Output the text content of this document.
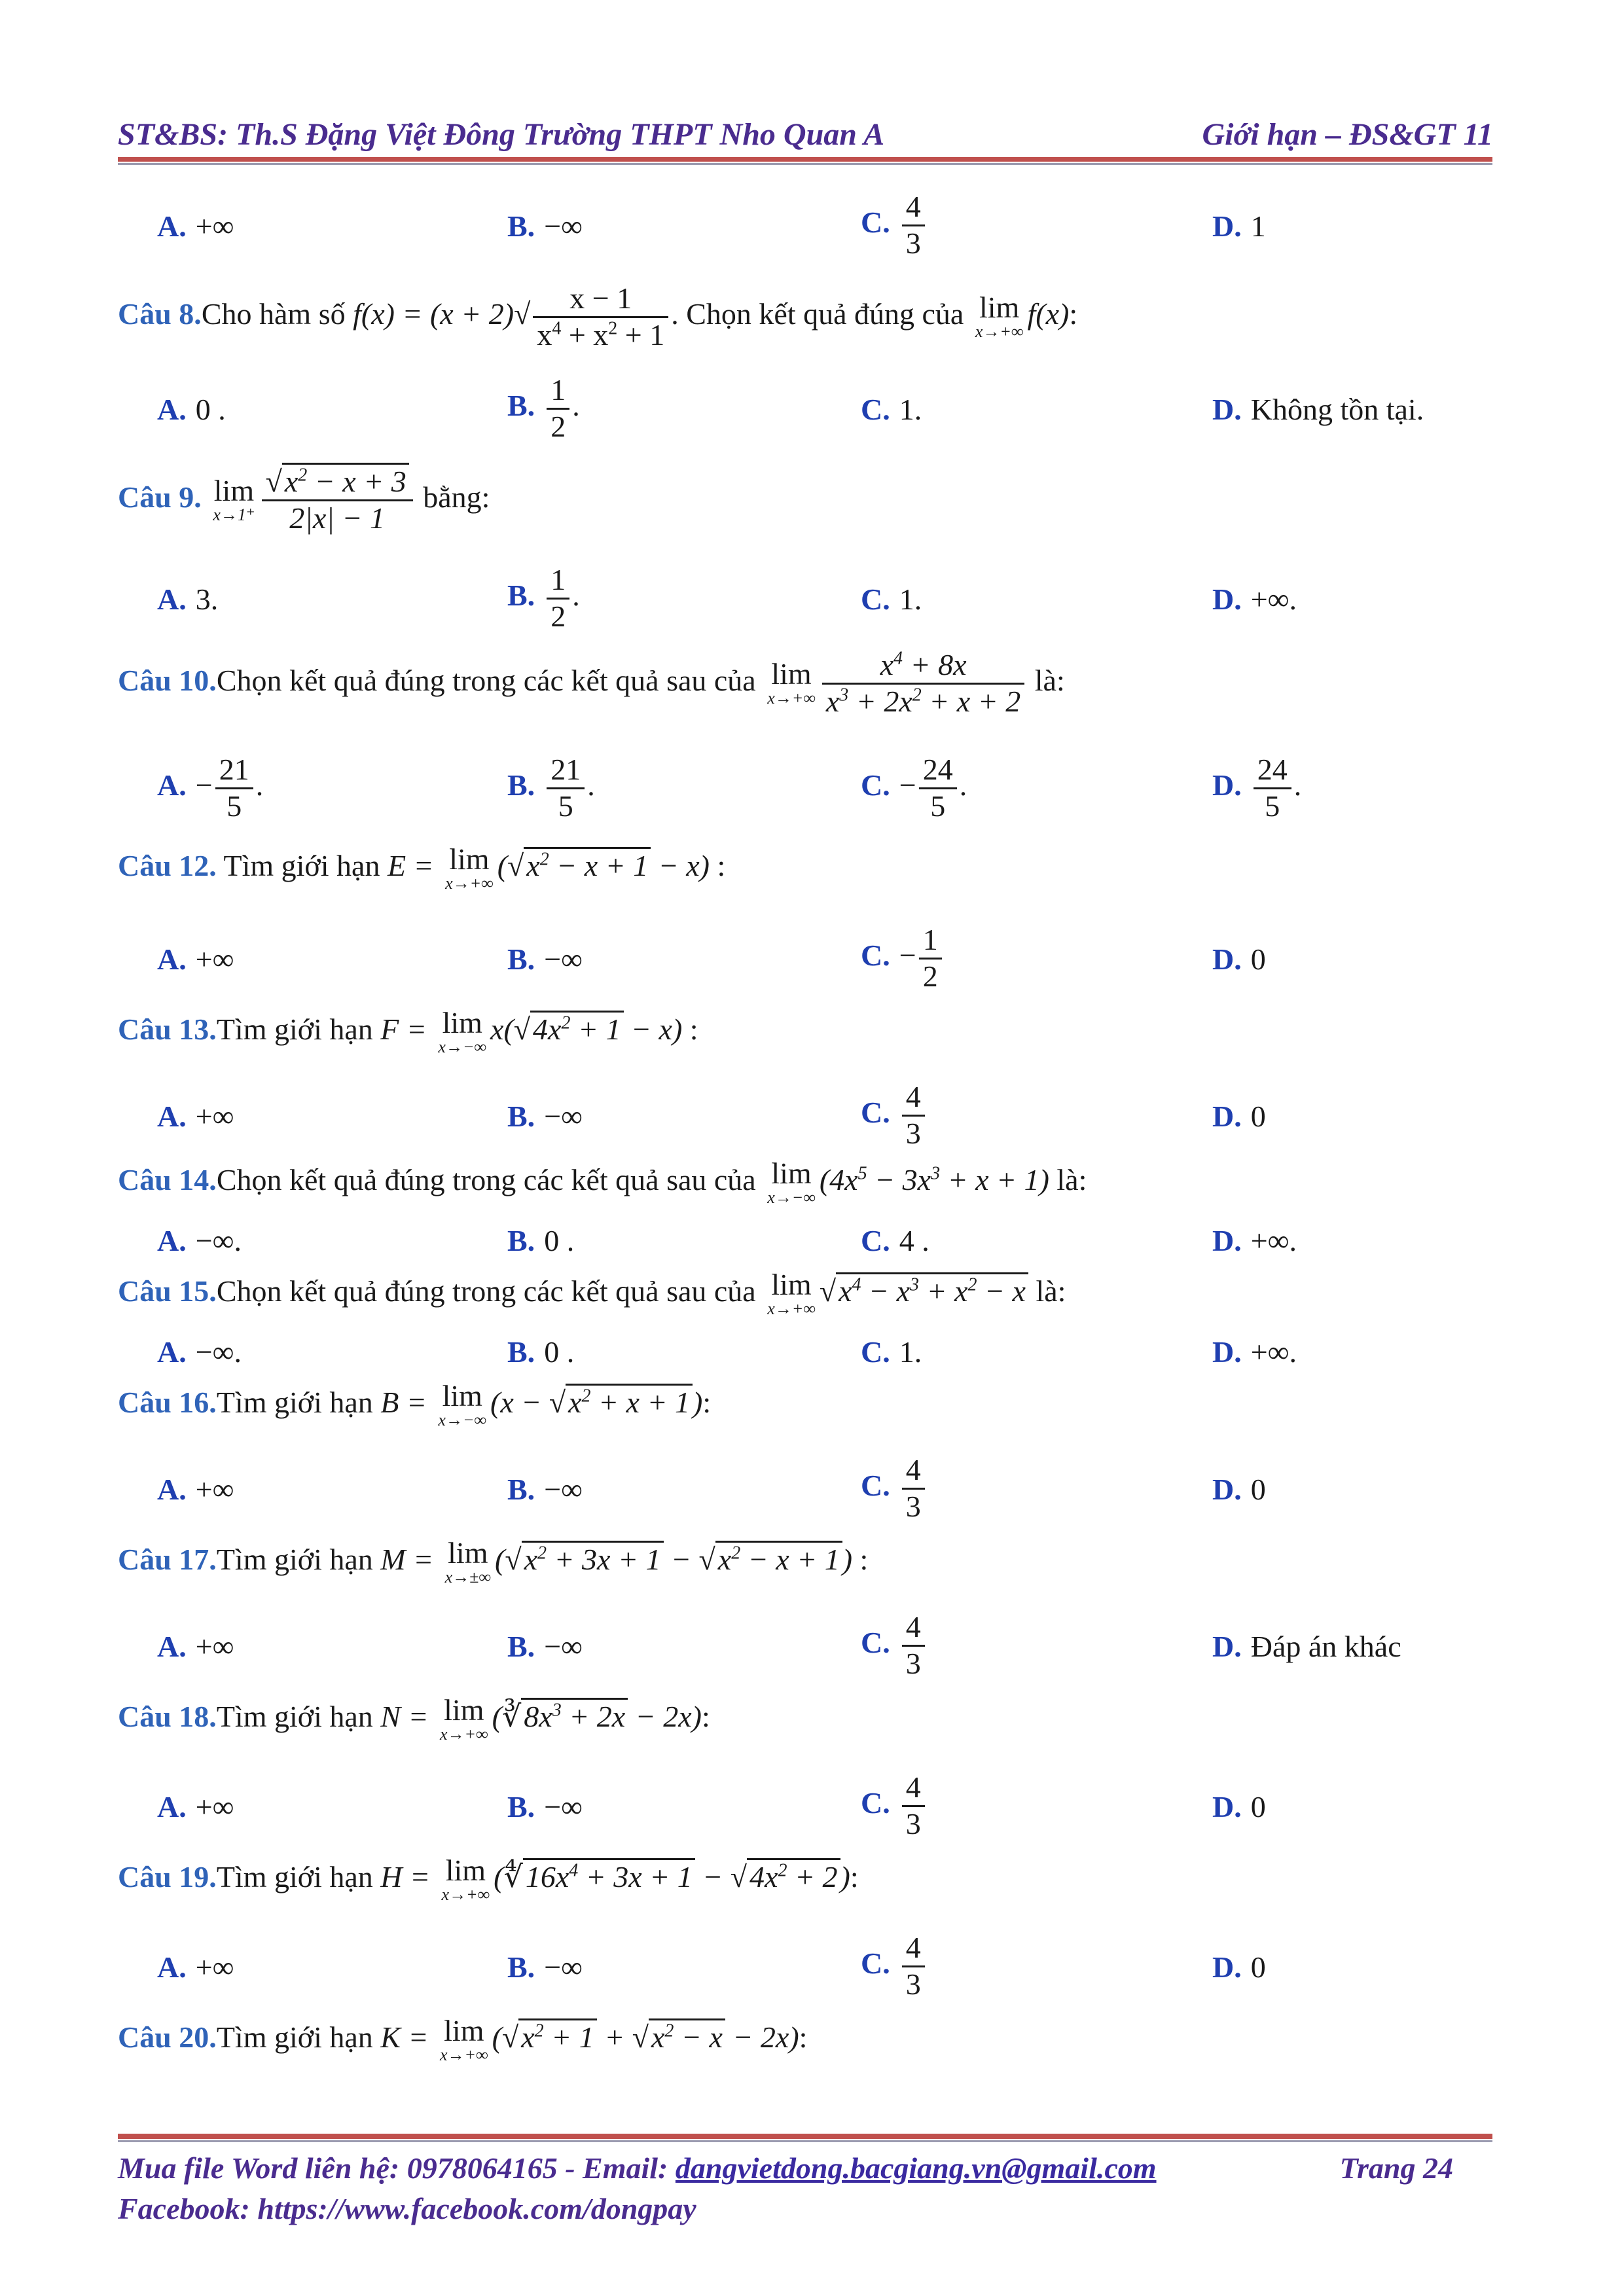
ST&BS: Th.S Đặng Việt Đông Trường THPT Nho Quan A	Giới hạn – ĐS&GT 11
A. +∞	B. −∞	C. $\frac{4}{3}$	D. 1
Câu 8.Cho hàm số $f(x) = (x + 2)√ \frac{x - 1}{x^4 + x^2 + 1}$ . Chọn kết quả đúng của lim
x→+∞
f(x):
A. 0 .	B. $\frac{1}{2}$ .	C. 1.	D. Không tồn tại.
Câu 9. lim
$x\to 1^+ \frac{√x^2 - x + 3}{2|x| - 1}$ bằng:
A. 3.	B. $\frac{1}{2}$ .	C. 1.	D. +∞.
Câu 10.Chọn kết quả đúng trong các kết quả sau của lim
$x\to+\infty \frac{x^4 + 8x}{x^3 + 2x^2 + x + 2}$ là:
A. − $\frac{21}{5}$ .	B. $\frac{21}{5}$ .	C. − $\frac{24}{5}$ .	D. $\frac{24}{5}$ .
Câu 12. Tìm giới hạn E = lim
x→+∞
$(√x^2 - x + 1 - x)$ :
A. +∞	B. −∞	C. − $\frac{1}{2}$	D. 0
Câu 13.Tìm giới hạn F = lim
x→−∞
$x(√4x^2 + 1 - x)$ :
A. +∞	B. −∞	C. $\frac{4}{3}$	D. 0
Câu 14.Chọn kết quả đúng trong các kết quả sau của lim
x→−∞
$(4x^5 - 3x^3 + x + 1)$ là:
A. −∞.	B. 0 .	C. 4 .	D. +∞.
Câu 15.Chọn kết quả đúng trong các kết quả sau của lim
x→+∞
$√x^4 - x^3 + x^2 - x$ là:
A. −∞.	B. 0 .	C. 1.	D. +∞.
Câu 16.Tìm giới hạn B = lim
x→−∞
$(x - √x^2 + x + 1)$:
A. +∞	B. −∞	C. $\frac{4}{3}$	D. 0
Câu 17.Tìm giới hạn M = lim
x→±∞
$(√x^2 + 3x + 1 - √x^2 - x + 1)$ :
A. +∞	B. −∞	C. $\frac{4}{3}$	D. Đáp án khác
Câu 18.Tìm giới hạn N = lim
x→+∞
$(∛8x^3 + 2x - 2x)$:
A. +∞	B. −∞	C. $\frac{4}{3}$	D. 0
Câu 19.Tìm giới hạn H = lim
x→+∞
$(∜16x^4 + 3x + 1 - √4x^2 + 2)$:
A. +∞	B. −∞	C. $\frac{4}{3}$	D. 0
Câu 20.Tìm giới hạn K = lim
x→+∞
$(√x^2 + 1 + √x^2 - x - 2x)$:
Mua file Word liên hệ: 0978064165 - Email: dangvietdong.bacgiang.vn@gmail.com	Trang 24
Facebook: https://www.facebook.com/dongpay
